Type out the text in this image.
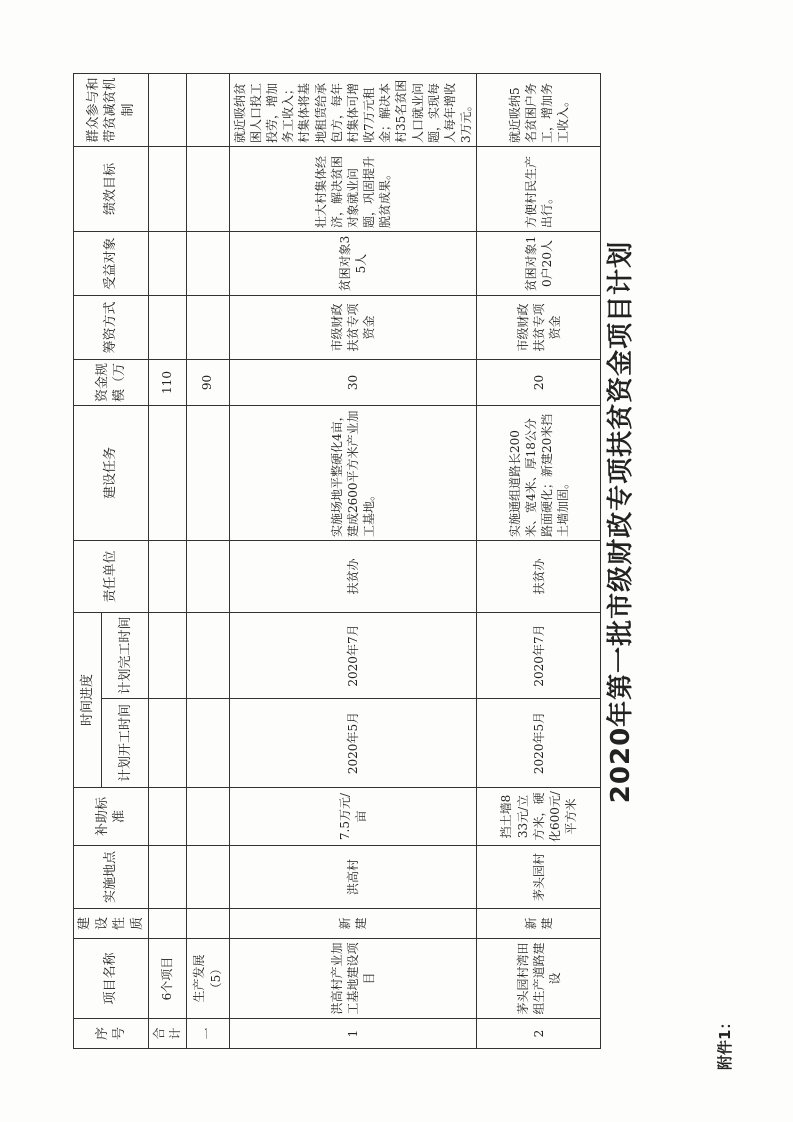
附件1：
2020年第一批市级财政专项扶贫资金项目计划
序号	项目名称	建设性质	实施地点	补助标准	时间进度		责任单位	建设任务	资金规模（万	筹资方式	受益对象	绩效目标	群众参与和带贫减贫机制
					计划开工时间	计划完工时间							
合计	6个项目								110				
一	生产发展（5）								90				
1	洪高村产业加工基地建设项目	新建	洪高村	7.5万元/亩	2020年5月	2020年7月	扶贫办	实施场地平整硬化4亩，建成2600平方米产业加工基地。	30	市级财政扶贫专项资金	贫困对象35人	壮大村集体经济，解决贫困对象就业问题，巩固提升脱贫成果。	就近吸纳贫困人口投工投劳，增加务工收入；村集体将基地租赁给承包方，每年村集体可增收7万元租金；解决本村35名贫困人口就业问题，实现每人每年增收3万元。
2	茅头园村湾田组生产道路建设	新建	茅头园村	挡土墙833元/立方米，硬化600元/平方米	2020年5月	2020年7月	扶贫办	实施通组道路长200米、宽4米、厚18公分路面硬化；新建20米挡土墙加固。	20	市级财政扶贫专项资金	贫困对象10户20人	方便村民生产出行。	就近吸纳5名贫困户务工，增加务工收入。
